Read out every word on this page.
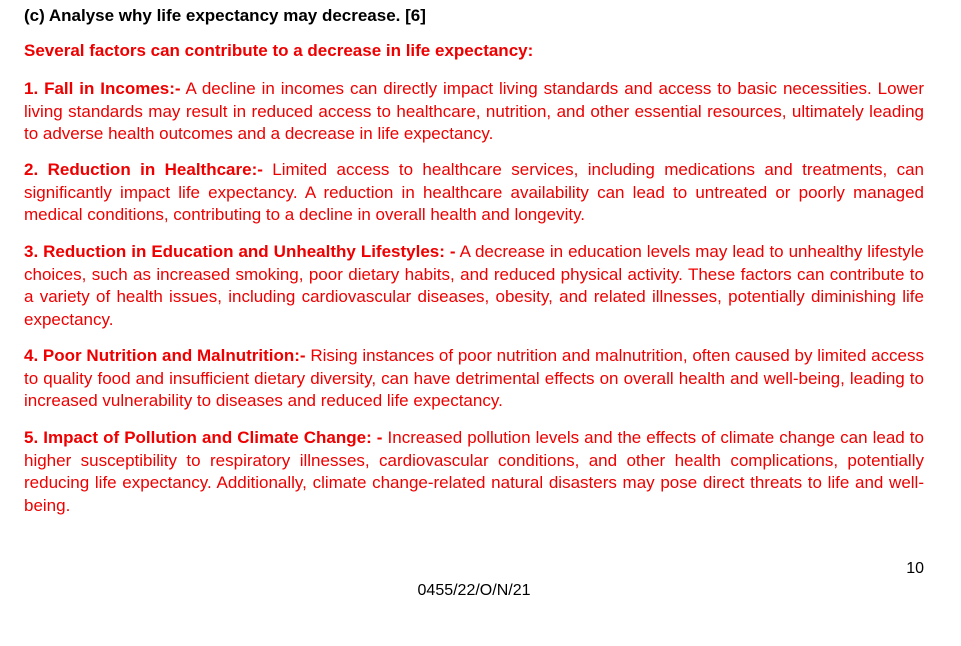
(c) Analyse why life expectancy may decrease. [6]

Several factors can contribute to a decrease in life expectancy:

1. Fall in Incomes:- A decline in incomes can directly impact living standards and access to basic necessities. Lower living standards may result in reduced access to healthcare, nutrition, and other essential resources, ultimately leading to adverse health outcomes and a decrease in life expectancy.

2. Reduction in Healthcare:- Limited access to healthcare services, including medications and treatments, can significantly impact life expectancy. A reduction in healthcare availability can lead to untreated or poorly managed medical conditions, contributing to a decline in overall health and longevity.

3. Reduction in Education and Unhealthy Lifestyles: - A decrease in education levels may lead to unhealthy lifestyle choices, such as increased smoking, poor dietary habits, and reduced physical activity. These factors can contribute to a variety of health issues, including cardiovascular diseases, obesity, and related illnesses, potentially diminishing life expectancy.

4. Poor Nutrition and Malnutrition:- Rising instances of poor nutrition and malnutrition, often caused by limited access to quality food and insufficient dietary diversity, can have detrimental effects on overall health and well-being, leading to increased vulnerability to diseases and reduced life expectancy.

5. Impact of Pollution and Climate Change: - Increased pollution levels and the effects of climate change can lead to higher susceptibility to respiratory illnesses, cardiovascular conditions, and other health complications, potentially reducing life expectancy. Additionally, climate change-related natural disasters may pose direct threats to life and well-being.

10

0455/22/O/N/21
